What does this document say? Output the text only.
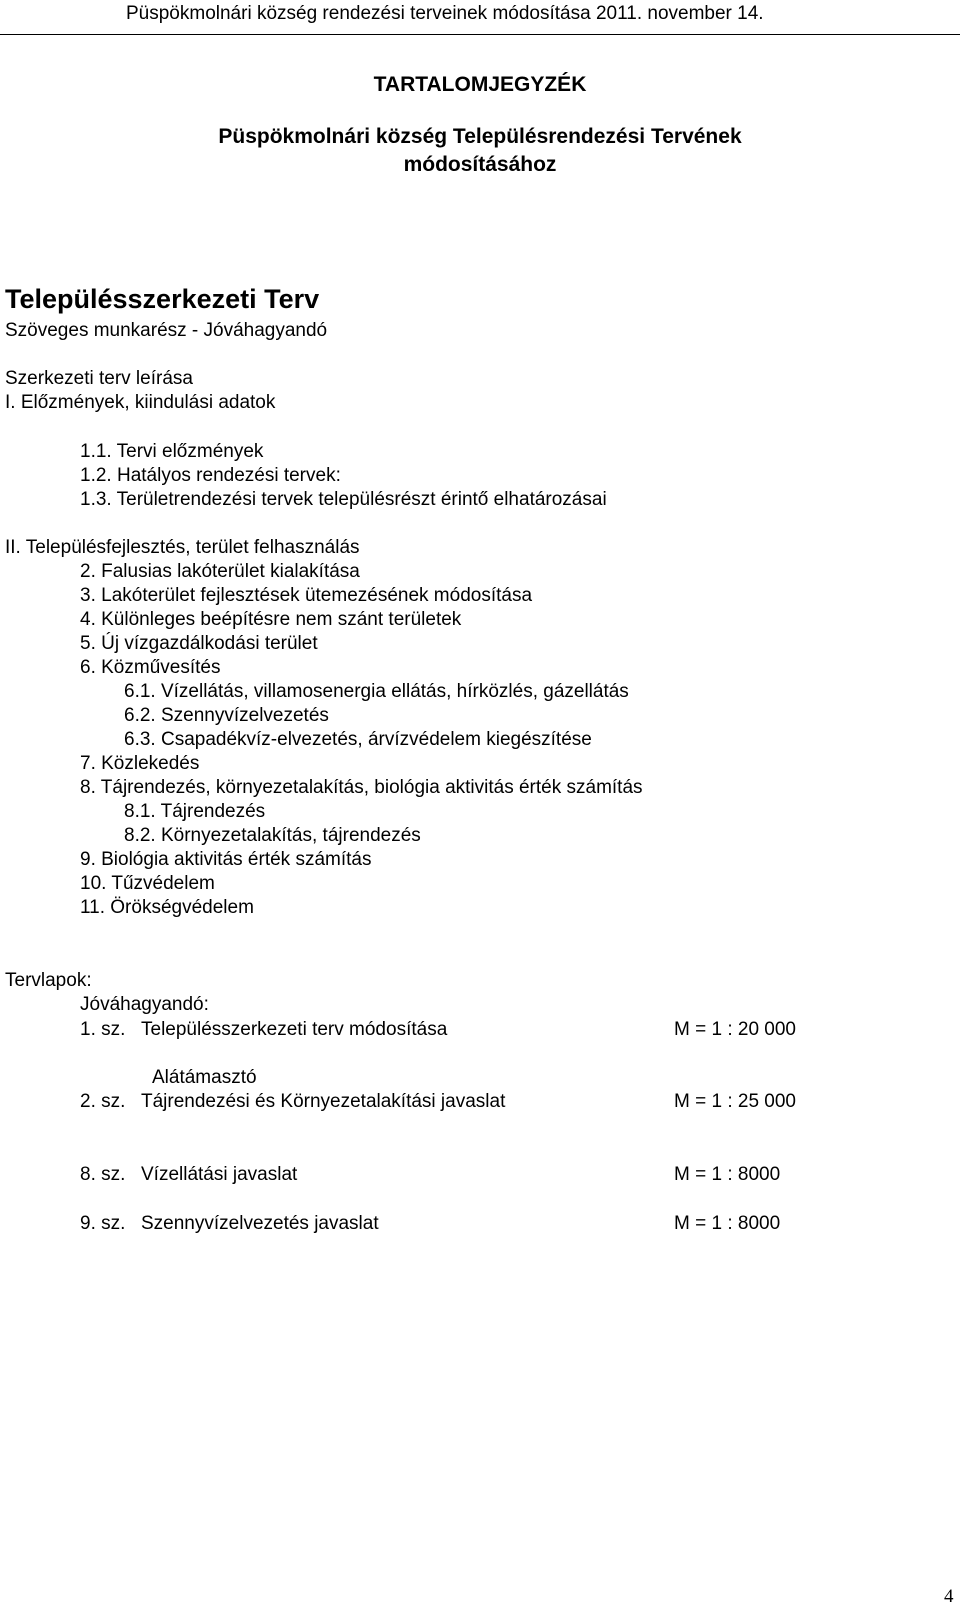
Püspökmolnári község rendezési terveinek módosítása 2011. november 14.
TARTALOMJEGYZÉK
Püspökmolnári község Településrendezési Tervének
módosításához
Településszerkezeti Terv
Szöveges munkarész - Jóváhagyandó
Szerkezeti terv leírása
I. Előzmények, kiindulási adatok
1.1. Tervi előzmények
1.2. Hatályos rendezési tervek:
1.3. Területrendezési tervek településrészt érintő elhatározásai
II. Településfejlesztés, terület felhasználás
2. Falusias lakóterület kialakítása
3. Lakóterület fejlesztések ütemezésének módosítása
4. Különleges beépítésre nem szánt területek
5. Új vízgazdálkodási terület
6. Közművesítés
6.1. Vízellátás, villamosenergia ellátás, hírközlés, gázellátás
6.2. Szennyvízelvezetés
6.3. Csapadékvíz-elvezetés, árvízvédelem kiegészítése
7. Közlekedés
8. Tájrendezés, környezetalakítás, biológia aktivitás érték számítás
8.1. Tájrendezés
8.2. Környezetalakítás, tájrendezés
9. Biológia aktivitás érték számítás
10. Tűzvédelem
11. Örökségvédelem
Tervlapok:
Jóváhagyandó:
1. sz. Településszerkezeti terv módosítása	M = 1 : 20 000
Alátámasztó
2. sz. Tájrendezési és Környezetalakítási javaslat	M = 1 : 25 000
8. sz. Vízellátási javaslat	M = 1 : 8000
9. sz. Szennyvízelvezetés javaslat	M = 1 : 8000
4
